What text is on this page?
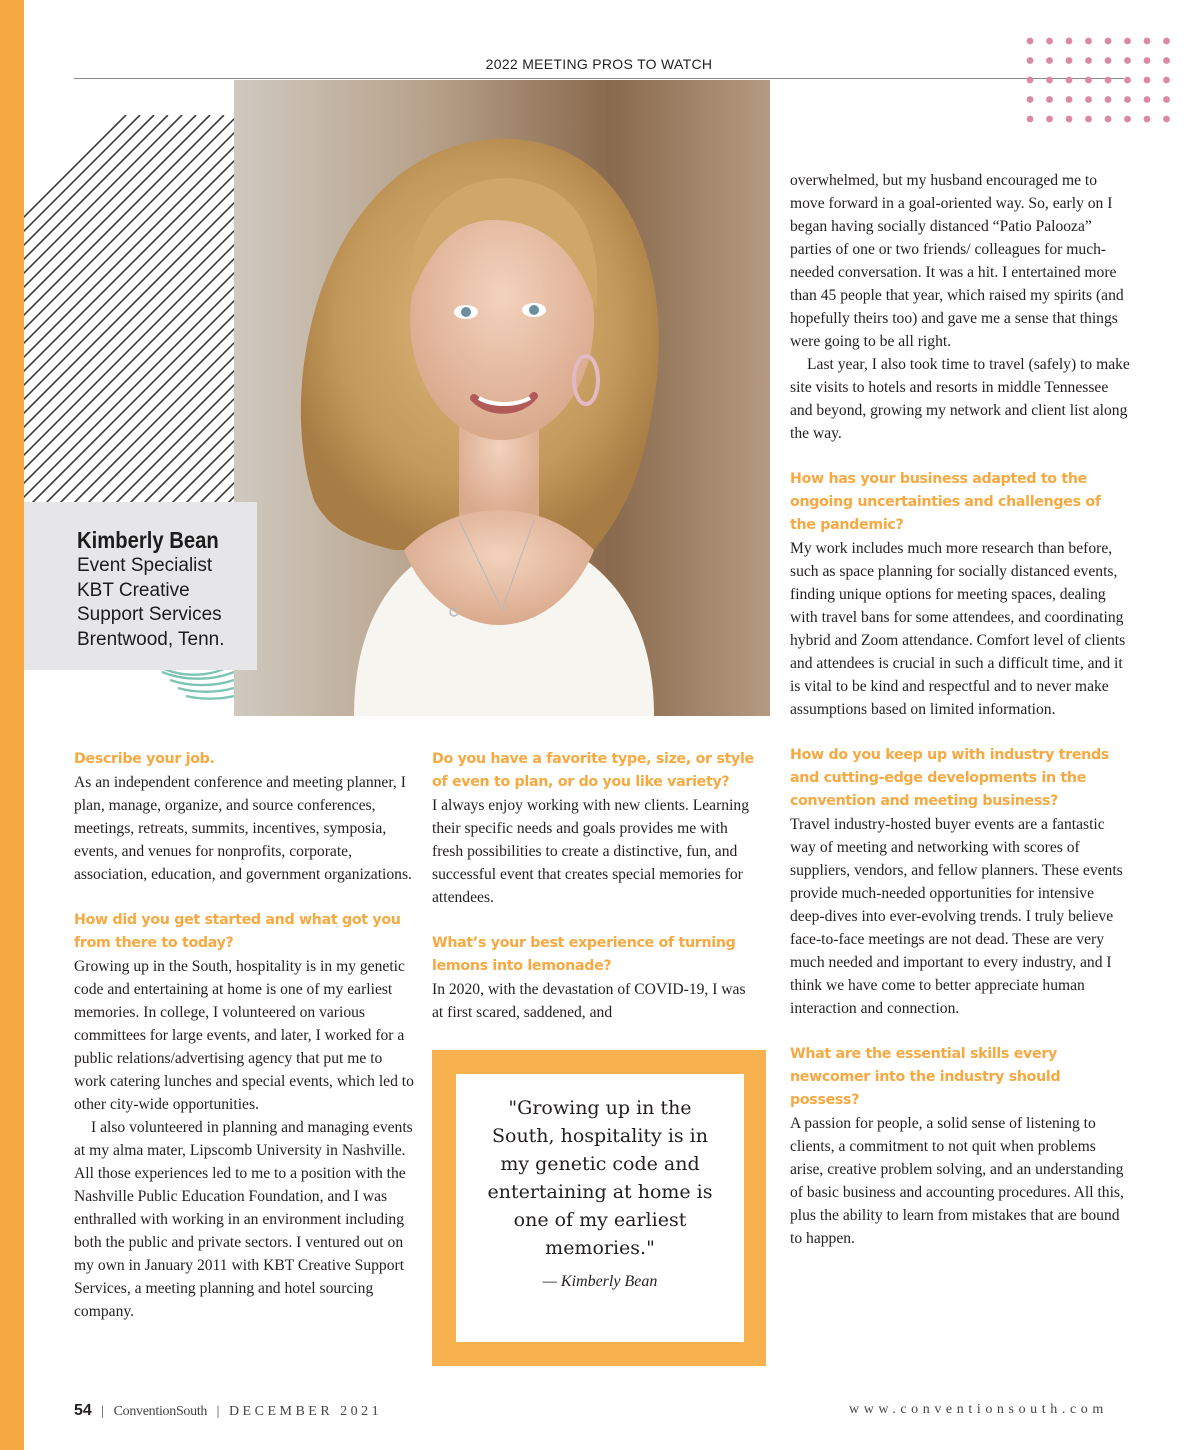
2022 MEETING PROS TO WATCH
Kimberly Bean
Event Specialist
KBT Creative
Support Services
Brentwood, Tenn.

Describe your job.

As an independent conference and meeting planner, I plan, manage, organize, and source conferences, meetings, retreats, summits, incentives, symposia, events, and venues for nonprofits, corporate, association, education, and government organizations.

How did you get started and what got you from there to today?

Growing up in the South, hospitality is in my genetic code and entertaining at home is one of my earliest memories. In college, I volunteered on various committees for large events, and later, I worked for a public relations/advertising agency that put me to work catering lunches and special events, which led to other city-wide opportunities.

I also volunteered in planning and managing events at my alma mater, Lipscomb University in Nashville. All those experiences led to me to a position with the Nashville Public Education Foundation, and I was enthralled with working in an environment including both the public and private sectors. I ventured out on my own in January 2011 with KBT Creative Support Services, a meeting planning and hotel sourcing company.

Do you have a favorite type, size, or style of even to plan, or do you like variety?

I always enjoy working with new clients. Learning their specific needs and goals provides me with fresh possibilities to create a distinctive, fun, and successful event that creates special memories for attendees.

What’s your best experience of turning lemons into lemonade?

In 2020, with the devastation of COVID-19, I was at first scared, saddened, and

"Growing up in the South, hospitality is in my genetic code and entertaining at home is one of my earliest memories."
— Kimberly Bean

overwhelmed, but my husband encouraged me to move forward in a goal-oriented way. So, early on I began having socially distanced “Patio Palooza” parties of one or two friends/ colleagues for much-needed conversation. It was a hit. I entertained more than 45 people that year, which raised my spirits (and hopefully theirs too) and gave me a sense that things were going to be all right.

Last year, I also took time to travel (safely) to make site visits to hotels and resorts in middle Tennessee and beyond, growing my network and client list along the way.

How has your business adapted to the ongoing uncertainties and challenges of the pandemic?

My work includes much more research than before, such as space planning for socially distanced events, finding unique options for meeting spaces, dealing with travel bans for some attendees, and coordinating hybrid and Zoom attendance. Comfort level of clients and attendees is crucial in such a difficult time, and it is vital to be kind and respectful and to never make assumptions based on limited information.

How do you keep up with industry trends and cutting-edge developments in the convention and meeting business?

Travel industry-hosted buyer events are a fantastic way of meeting and networking with scores of suppliers, vendors, and fellow planners. These events provide much-needed opportunities for intensive deep-dives into ever-evolving trends. I truly believe face-to-face meetings are not dead. These are very much needed and important to every industry, and I think we have come to better appreciate human interaction and connection.

What are the essential skills every newcomer into the industry should possess?

A passion for people, a solid sense of listening to clients, a commitment to not quit when problems arise, creative problem solving, and an understanding of basic business and accounting procedures. All this, plus the ability to learn from mistakes that are bound to happen.

54 | ConventionSouth | DECEMBER 2021	www.conventionsouth.com
